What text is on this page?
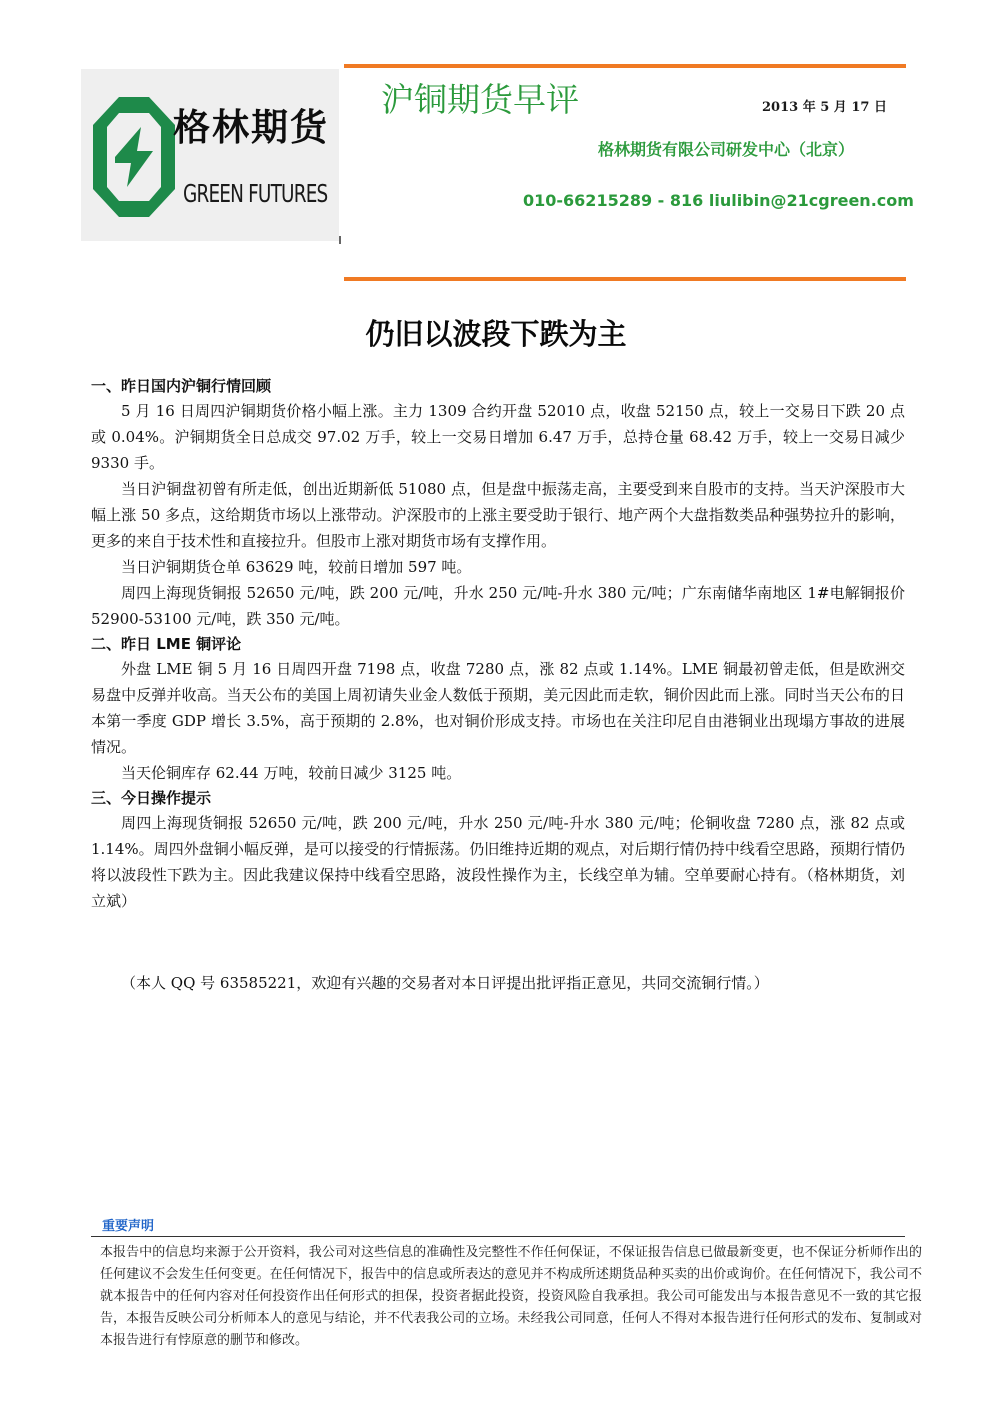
格林期货
GREEN FUTURES
沪铜期货早评	2013 年 5 月 17 日
格林期货有限公司研发中心（北京）
010-66215289 - 816 liulibin@21cgreen.com
仍旧以波段下跌为主

一、昨日国内沪铜行情回顾

5 月 16 日周四沪铜期货价格小幅上涨。主力 1309 合约开盘 52010 点，收盘 52150 点，较上一交易日下跌 20 点或 0.04%。沪铜期货全日总成交 97.02 万手，较上一交易日增加 6.47 万手，总持仓量 68.42 万手，较上一交易日减少 9330 手。

当日沪铜盘初曾有所走低，创出近期新低 51080 点，但是盘中振荡走高，主要受到来自股市的支持。当天沪深股市大幅上涨 50 多点，这给期货市场以上涨带动。沪深股市的上涨主要受助于银行、地产两个大盘指数类品种强势拉升的影响，更多的来自于技术性和直接拉升。但股市上涨对期货市场有支撑作用。

当日沪铜期货仓单 63629 吨，较前日增加 597 吨。

周四上海现货铜报 52650 元/吨，跌 200 元/吨，升水 250 元/吨-升水 380 元/吨；广东南储华南地区 1#电解铜报价 52900-53100 元/吨，跌 350 元/吨。

二、昨日 LME 铜评论

外盘 LME 铜 5 月 16 日周四开盘 7198 点，收盘 7280 点，涨 82 点或 1.14%。LME 铜最初曾走低，但是欧洲交易盘中反弹并收高。当天公布的美国上周初请失业金人数低于预期，美元因此而走软，铜价因此而上涨。同时当天公布的日本第一季度 GDP 增长 3.5%，高于预期的 2.8%，也对铜价形成支持。市场也在关注印尼自由港铜业出现塌方事故的进展情况。

当天伦铜库存 62.44 万吨，较前日减少 3125 吨。

三、今日操作提示

周四上海现货铜报 52650 元/吨，跌 200 元/吨，升水 250 元/吨-升水 380 元/吨；伦铜收盘 7280 点，涨 82 点或 1.14%。周四外盘铜小幅反弹，是可以接受的行情振荡。仍旧维持近期的观点，对后期行情仍持中线看空思路，预期行情仍将以波段性下跌为主。因此我建议保持中线看空思路，波段性操作为主，长线空单为辅。空单要耐心持有。（格林期货，刘立斌）

（本人 QQ 号 63585221，欢迎有兴趣的交易者对本日评提出批评指正意见，共同交流铜行情。）
重要声明

本报告中的信息均来源于公开资料，我公司对这些信息的准确性及完整性不作任何保证，不保证报告信息已做最新变更，也不保证分析师作出的任何建议不会发生任何变更。在任何情况下，报告中的信息或所表达的意见并不构成所述期货品种买卖的出价或询价。在任何情况下，我公司不就本报告中的任何内容对任何投资作出任何形式的担保，投资者据此投资，投资风险自我承担。我公司可能发出与本报告意见不一致的其它报告，本报告反映公司分析师本人的意见与结论，并不代表我公司的立场。未经我公司同意，任何人不得对本报告进行任何形式的发布、复制或对本报告进行有悖原意的删节和修改。
